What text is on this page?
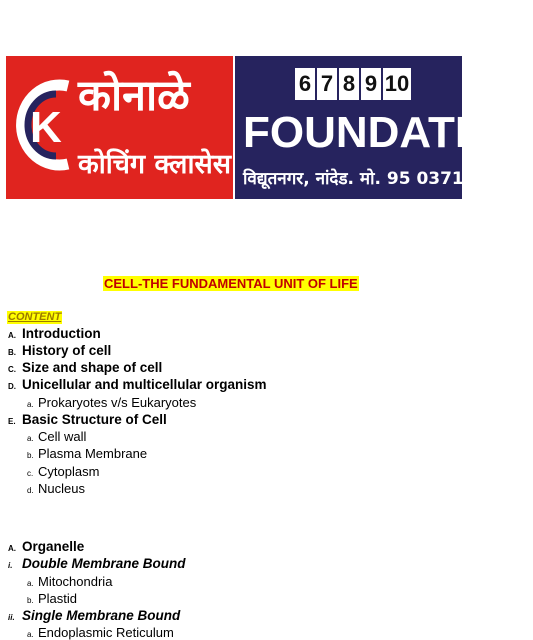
K
कोनाळे
कोचिंग क्लासेस
6 7 8 9 10
FOUNDATION
विद्यूतनगर, नांदेड. मो. 95 0371 1547
CELL-THE FUNDAMENTAL UNIT OF LIFE
CONTENT
A. Introduction
B. History of cell
C. Size and shape of cell
D. Unicellular and multicellular organism
a. Prokaryotes v/s Eukaryotes
E. Basic Structure of Cell
a. Cell wall
b. Plasma Membrane
c. Cytoplasm
d. Nucleus
A. Organelle
i. Double Membrane Bound
a. Mitochondria
b. Plastid
ii. Single Membrane Bound
a. Endoplasmic Reticulum
